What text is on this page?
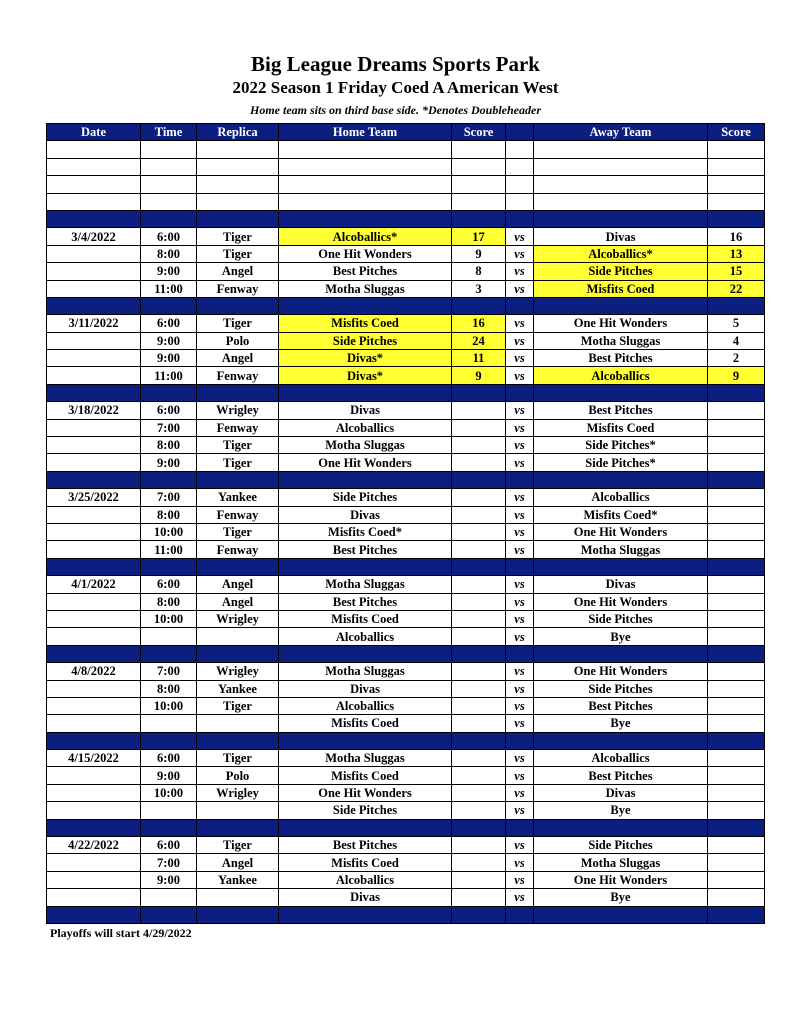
Big League Dreams Sports Park
2022 Season 1 Friday Coed A American West
Home team sits on third base side. *Denotes Doubleheader
Date	Time	Replica	Home Team	Score		Away Team	Score

3/4/2022	6:00	Tiger	Alcoballics*	17	vs	Divas	16
	8:00	Tiger	One Hit Wonders	9	vs	Alcoballics*	13
	9:00	Angel	Best Pitches	8	vs	Side Pitches	15
	11:00	Fenway	Motha Sluggas	3	vs	Misfits Coed	22

3/11/2022	6:00	Tiger	Misfits Coed	16	vs	One Hit Wonders	5
	9:00	Polo	Side Pitches	24	vs	Motha Sluggas	4
	9:00	Angel	Divas*	11	vs	Best Pitches	2
	11:00	Fenway	Divas*	9	vs	Alcoballics	9

3/18/2022	6:00	Wrigley	Divas		vs	Best Pitches	
	7:00	Fenway	Alcoballics		vs	Misfits Coed	
	8:00	Tiger	Motha Sluggas		vs	Side Pitches*	
	9:00	Tiger	One Hit Wonders		vs	Side Pitches*	

3/25/2022	7:00	Yankee	Side Pitches		vs	Alcoballics	
	8:00	Fenway	Divas		vs	Misfits Coed*	
	10:00	Tiger	Misfits Coed*		vs	One Hit Wonders	
	11:00	Fenway	Best Pitches		vs	Motha Sluggas	

4/1/2022	6:00	Angel	Motha Sluggas		vs	Divas	
	8:00	Angel	Best Pitches		vs	One Hit Wonders	
	10:00	Wrigley	Misfits Coed		vs	Side Pitches	
			Alcoballics		vs	Bye	

4/8/2022	7:00	Wrigley	Motha Sluggas		vs	One Hit Wonders	
	8:00	Yankee	Divas		vs	Side Pitches	
	10:00	Tiger	Alcoballics		vs	Best Pitches	
			Misfits Coed		vs	Bye	

4/15/2022	6:00	Tiger	Motha Sluggas		vs	Alcoballics	
	9:00	Polo	Misfits Coed		vs	Best Pitches	
	10:00	Wrigley	One Hit Wonders		vs	Divas	
			Side Pitches		vs	Bye	

4/22/2022	6:00	Tiger	Best Pitches		vs	Side Pitches	
	7:00	Angel	Misfits Coed		vs	Motha Sluggas	
	9:00	Yankee	Alcoballics		vs	One Hit Wonders	
			Divas		vs	Bye	

Playoffs will start 4/29/2022
